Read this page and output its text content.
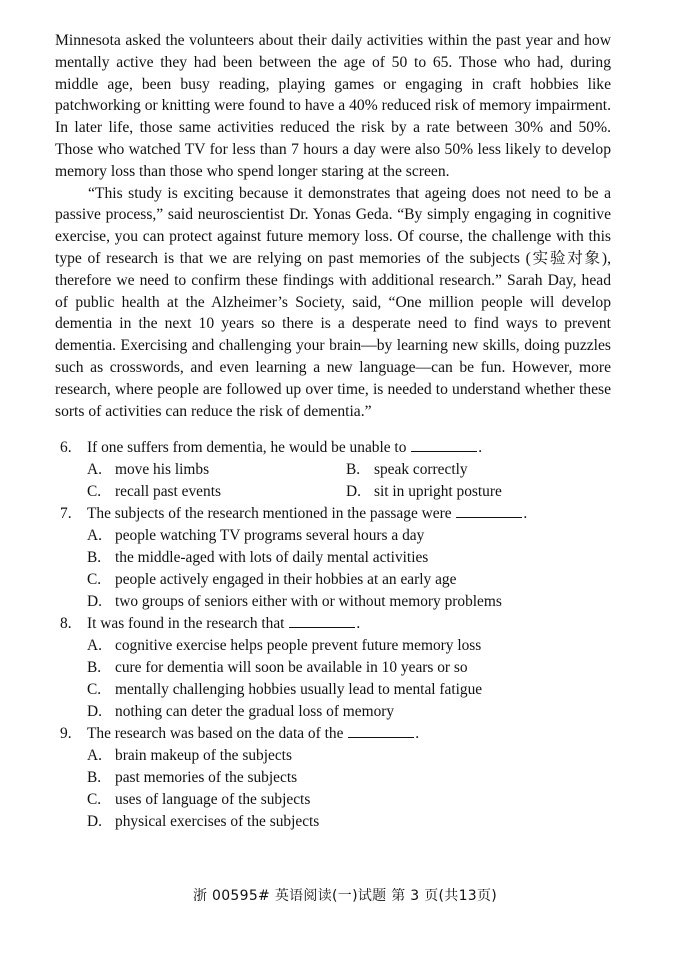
Minnesota asked the volunteers about their daily activities within the past year and how mentally active they had been between the age of 50 to 65. Those who had, during middle age, been busy reading, playing games or engaging in craft hobbies like patchworking or knitting were found to have a 40% reduced risk of memory impairment. In later life, those same activities reduced the risk by a rate between 30% and 50%. Those who watched TV for less than 7 hours a day were also 50% less likely to develop memory loss than those who spend longer staring at the screen.

“This study is exciting because it demonstrates that ageing does not need to be a passive process,” said neuroscientist Dr. Yonas Geda. “By simply engaging in cognitive exercise, you can protect against future memory loss. Of course, the challenge with this type of research is that we are relying on past memories of the subjects (实验对象), therefore we need to confirm these findings with additional research.” Sarah Day, head of public health at the Alzheimer’s Society, said, “One million people will develop dementia in the next 10 years so there is a desperate need to find ways to prevent dementia. Exercising and challenging your brain—by learning new skills, doing puzzles such as crosswords, and even learning a new language—can be fun. However, more research, where people are followed up over time, is needed to understand whether these sorts of activities can reduce the risk of dementia.”

6. If one suffers from dementia, he would be unable to	.
A. move his limbs	B. speak correctly
C. recall past events	D. sit in upright posture
7. The subjects of the research mentioned in the passage were	.
A. people watching TV programs several hours a day
B. the middle-aged with lots of daily mental activities
C. people actively engaged in their hobbies at an early age
D. two groups of seniors either with or without memory problems
8. It was found in the research that	.
A. cognitive exercise helps people prevent future memory loss
B. cure for dementia will soon be available in 10 years or so
C. mentally challenging hobbies usually lead to mental fatigue
D. nothing can deter the gradual loss of memory
9. The research was based on the data of the	.
A. brain makeup of the subjects
B. past memories of the subjects
C. uses of language of the subjects
D. physical exercises of the subjects
浙 00595# 英语阅读(一)试题 第 3 页(共13页)
